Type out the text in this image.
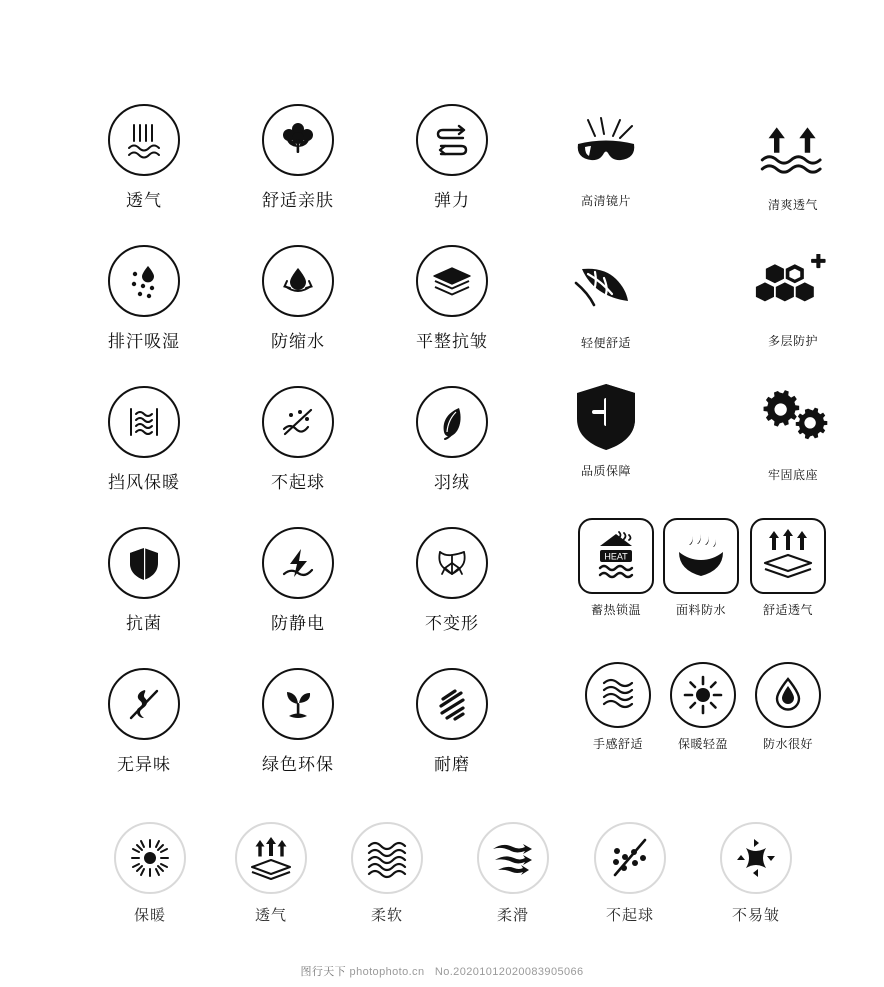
透气	舒适亲肤	弹力
排汗吸湿	防缩水	平整抗皱
挡风保暖	不起球	羽绒
抗菌	防静电	不变形
无异味	绿色环保	耐磨
高清镜片
轻便舒适
品质保障
清爽透气
多层防护
牢固底座
HEAT
蓄热锁温	面料防水	舒适透气
手感舒适	保暖轻盈	防水很好
保暖	透气	柔软	柔滑	不起球	不易皱
图行天下 photophoto.cn No.20201012020083905066
